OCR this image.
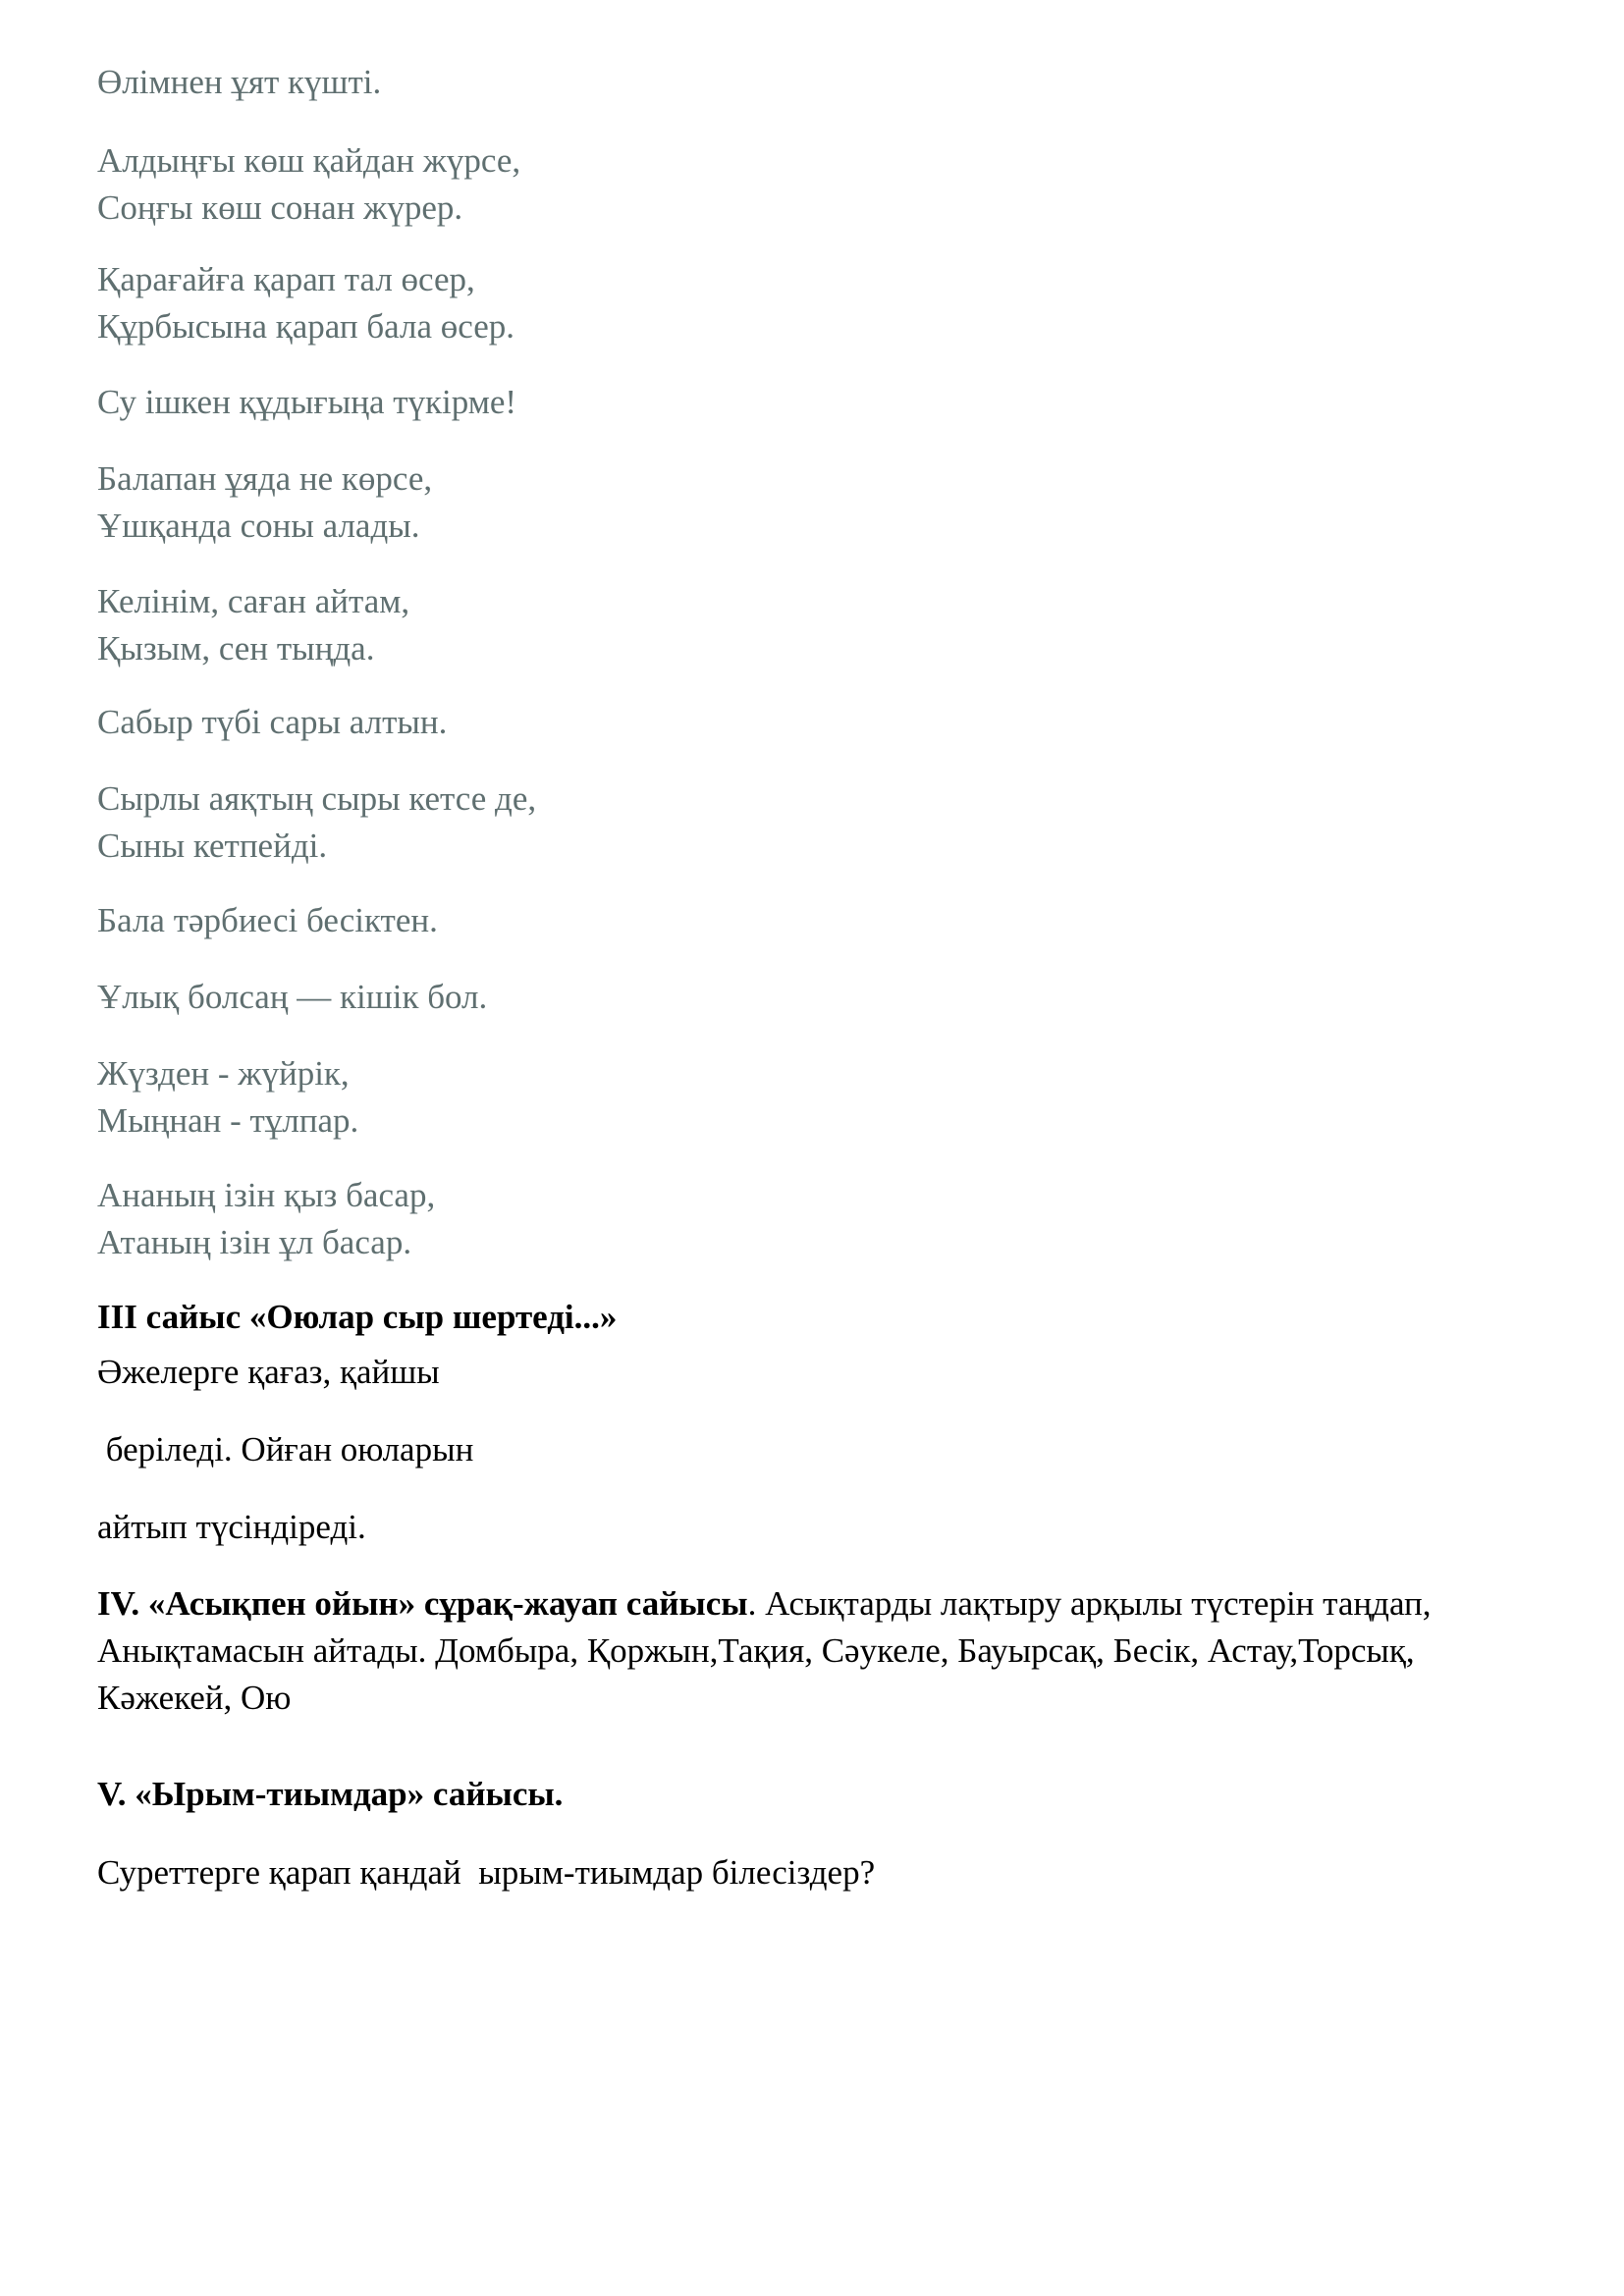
Өлімнен ұят күшті.

Алдыңғы көш қайдан жүрсе,
Соңғы көш сонан жүрер.

Қарағайға қарап тал өсер,
Құрбысына қарап бала өсер.

Су ішкен құдығыңа түкірме!

Балапан ұяда не көрсе,
Ұшқанда соны алады.

Келінім, саған айтам,
Қызым, сен тыңда.

Сабыр түбі сары алтын.

Сырлы аяқтың сыры кетсе де,
Сыны кетпейді.

Бала тәрбиесі бесіктен.

Ұлық болсаң — кішік бол.

Жүзден - жүйрік,
Мыңнан - тұлпар.

Ананың ізін қыз басар,
Атаның ізін ұл басар.

III сайыс «Оюлар сыр шертеді...»

Әжелерге қағаз, қайшы

беріледі. Ойған оюларын

айтып түсіндіреді.

IV. «Асықпен ойын» сұрақ-жауап сайысы. Асықтарды лақтыру арқылы түстерін таңдап, Анықтамасын айтады. Домбыра, Қоржын,Тақия, Сәукеле, Бауырсақ, Бесік, Астау,Торсық, Кәжекей, Ою

V. «Ырым-тиымдар» сайысы.

Суреттерге қарап қандай  ырым-тиымдар білесіздер?
